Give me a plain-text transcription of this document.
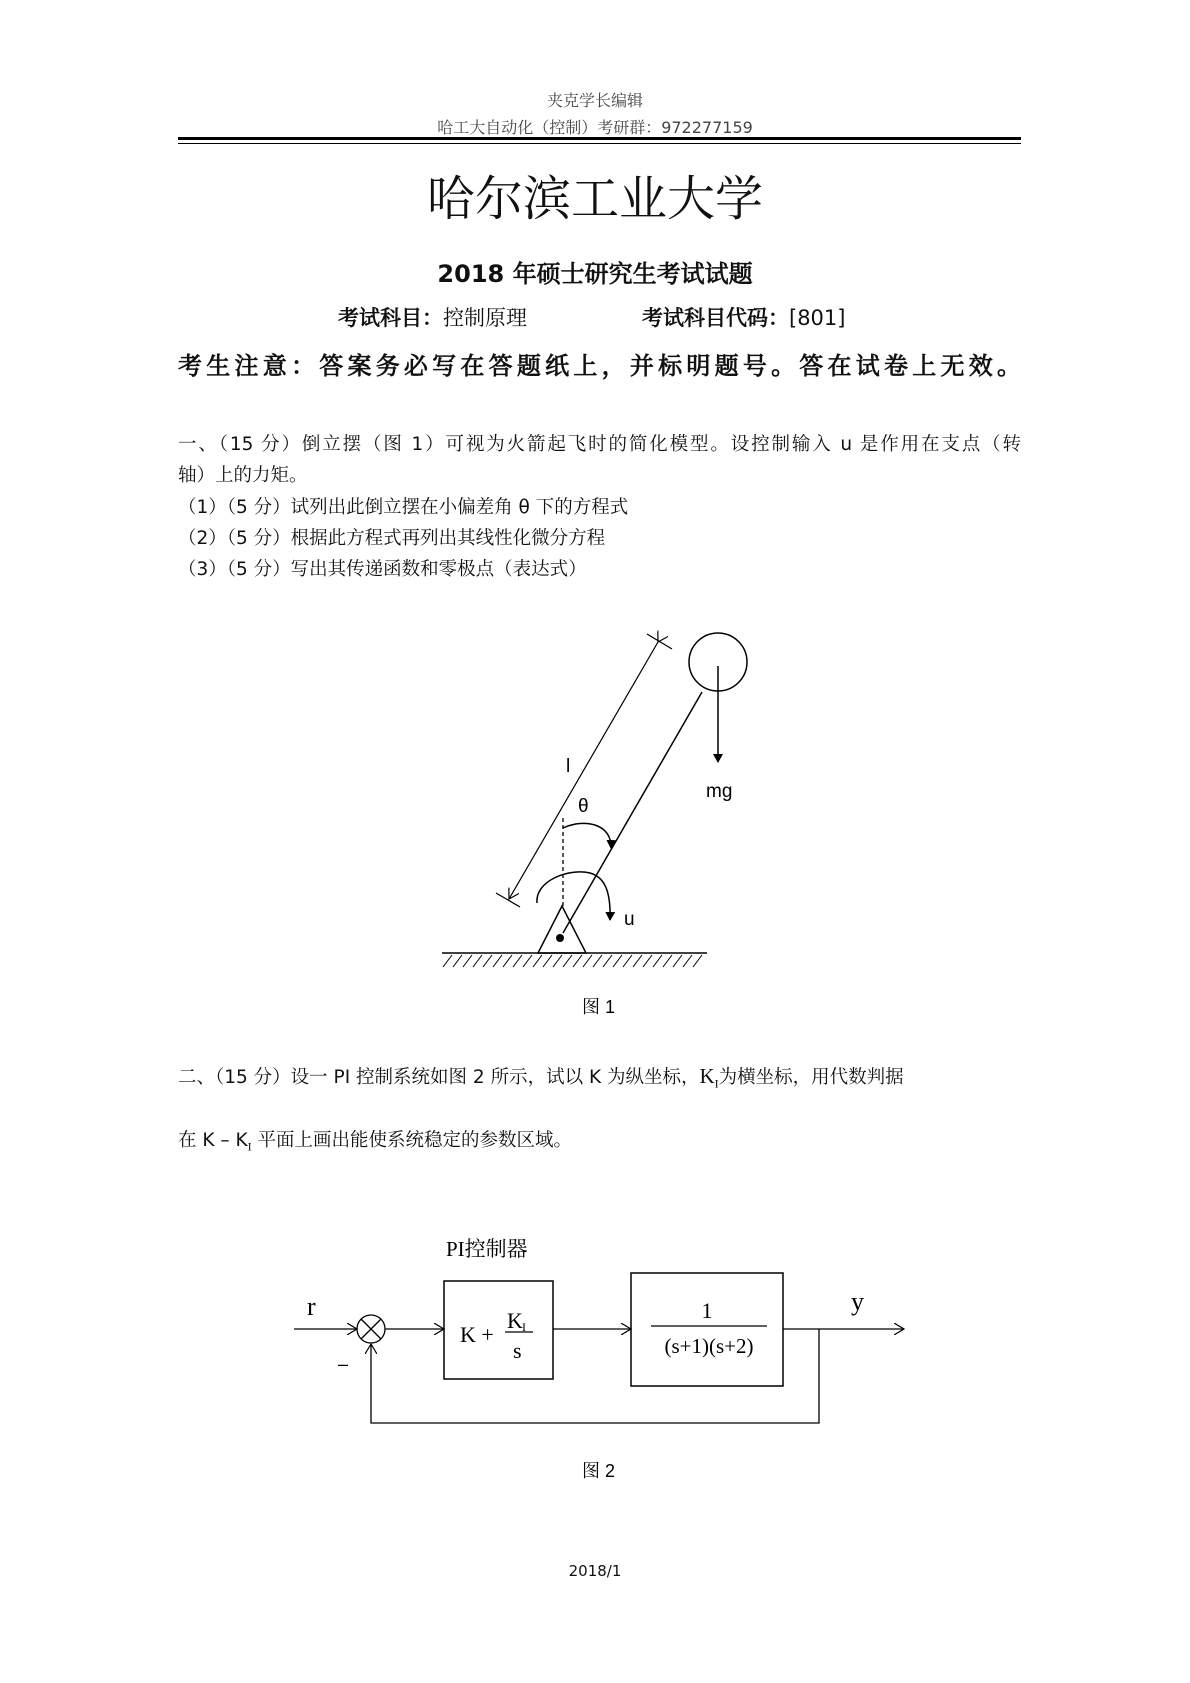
夹克学长编辑
哈工大自动化（控制）考研群：972277159
哈尔滨工业大学
2018 年硕士研究生考试试题
考试科目：控制原理	考试科目代码：[801]
考生注意：答案务必写在答题纸上，并标明题号。答在试卷上无效。
一、（15 分）倒立摆（图 1）可视为火箭起飞时的简化模型。设控制输入 u 是作用在支点（转
轴）上的力矩。
（1）（5 分）试列出此倒立摆在小偏差角 θ 下的方程式
（2）（5 分）根据此方程式再列出其线性化微分方程
（3）（5 分）写出其传递函数和零极点（表达式）
mg
θ
l
u
图 1
二、（15 分）设一 PI 控制系统如图 2 所示，试以 K 为纵坐标，$K_I$为横坐标，用代数判据
在 K – $K_I$ 平面上画出能使系统稳定的参数区域。
PI控制器
r
–
K +
K I
s
1
(s+1)(s+2)
y
图 2
2018/1
